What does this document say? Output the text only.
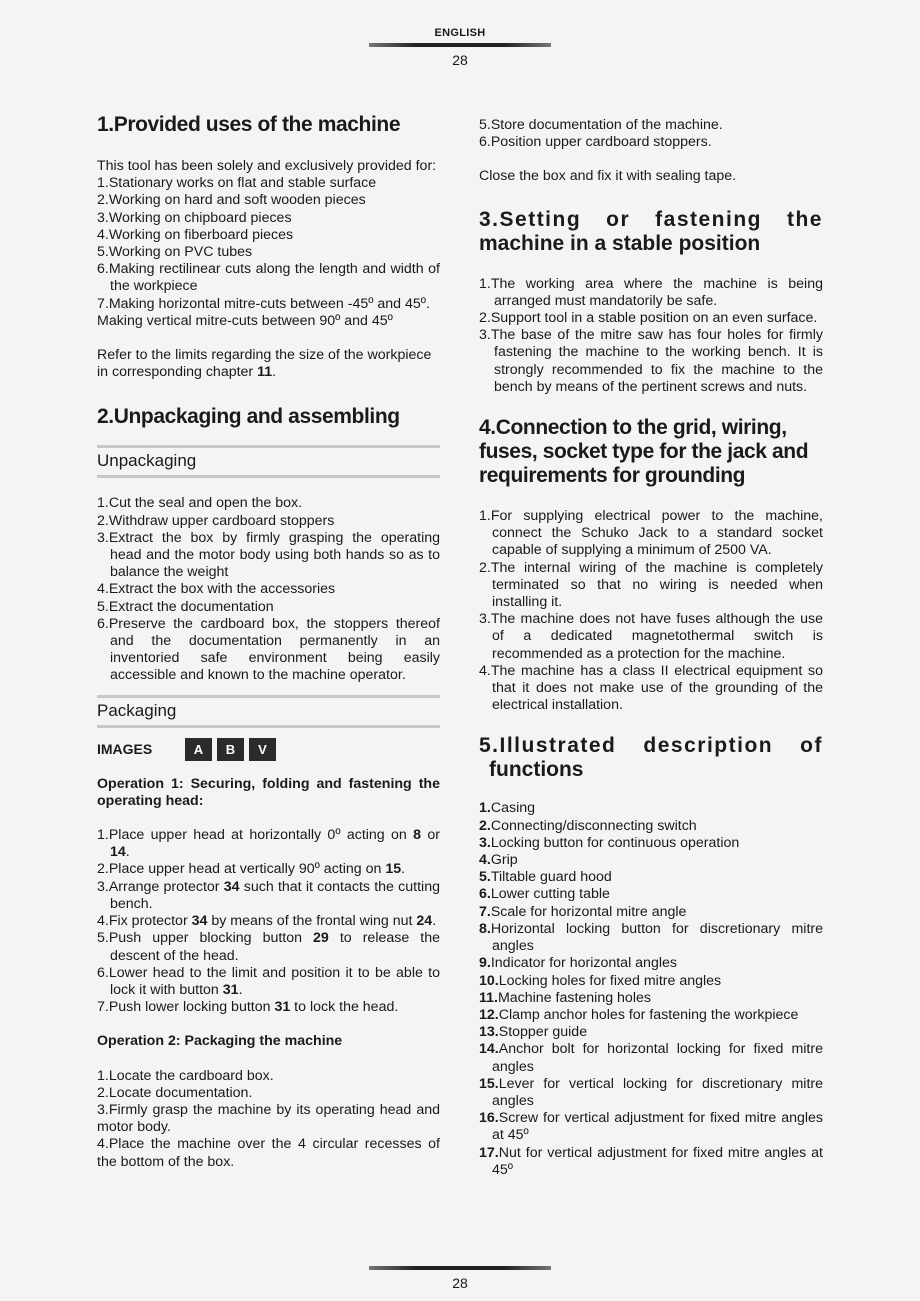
ENGLISH
28
1.Provided uses of the machine

This tool has been solely and exclusively provided for:

1.Stationary works on flat and stable surface
2.Working on hard and soft wooden pieces
3.Working on chipboard pieces
4.Working on fiberboard pieces
5.Working on PVC tubes
6.Making rectilinear cuts along the length and width of the workpiece
7.Making horizontal mitre-cuts between -45º and 45º.

Making vertical mitre-cuts between 90º and 45º

Refer to the limits regarding the size of the workpiece in corresponding chapter 11.

2.Unpackaging and assembling
Unpackaging
1.Cut the seal and open the box.
2.Withdraw upper cardboard stoppers
3.Extract the box by firmly grasping the operating head and the motor body using both hands so as to balance the weight
4.Extract the box with the accessories
5.Extract the documentation
6.Preserve the cardboard box, the stoppers thereof and the documentation permanently in an inventoried safe environment being easily accessible and known to the machine operator.
Packaging
IMAGES	A	B	V

Operation 1: Securing, folding and fastening the operating head:

1.Place upper head at horizontally 0º acting on 8 or 14.
2.Place upper head at vertically 90º acting on 15.
3.Arrange protector 34 such that it contacts the cutting bench.
4.Fix protector 34 by means of the frontal wing nut 24.
5.Push upper blocking button 29 to release the descent of the head.
6.Lower head to the limit and position it to be able to lock it with button 31.
7.Push lower locking button 31 to lock the head.

Operation 2: Packaging the machine

1.Locate the cardboard box.
2.Locate documentation.
3.Firmly grasp the machine by its operating head and motor body.
4.Place the machine over the 4 circular recesses of the bottom of the box.
5.Store documentation of the machine.
6.Position upper cardboard stoppers.

Close the box and fix it with sealing tape.

3.Setting or fastening the
machine in a stable position
1.The working area where the machine is being arranged must mandatorily be safe.
2.Support tool in a stable position on an even surface.
3.The base of the mitre saw has four holes for firmly fastening the machine to the working bench. It is strongly recommended to fix the machine to the bench by means of the pertinent screws and nuts.
4.Connection to the grid, wiring, fuses, socket type for the jack and requirements for grounding
1.For supplying electrical power to the machine, connect the Schuko Jack to a standard socket capable of supplying a minimum of 2500 VA.
2.The internal wiring of the machine is completely terminated so that no wiring is needed when installing it.
3.The machine does not have fuses although the use of a dedicated magnetothermal switch is recommended as a protection for the machine.
4.The machine has a class II electrical equipment so that it does not make use of the grounding of the electrical installation.
5.Illustrated description of
functions
1.Casing
2.Connecting/disconnecting switch
3.Locking button for continuous operation
4.Grip
5.Tiltable guard hood
6.Lower cutting table
7.Scale for horizontal mitre angle
8.Horizontal locking button for discretionary mitre angles
9.Indicator for horizontal angles
10.Locking holes for fixed mitre angles
11.Machine fastening holes
12.Clamp anchor holes for fastening the workpiece
13.Stopper guide
14.Anchor bolt for horizontal locking for fixed mitre angles
15.Lever for vertical locking for discretionary mitre angles
16.Screw for vertical adjustment for fixed mitre angles at 45º
17.Nut for vertical adjustment for fixed mitre angles at 45º
28
